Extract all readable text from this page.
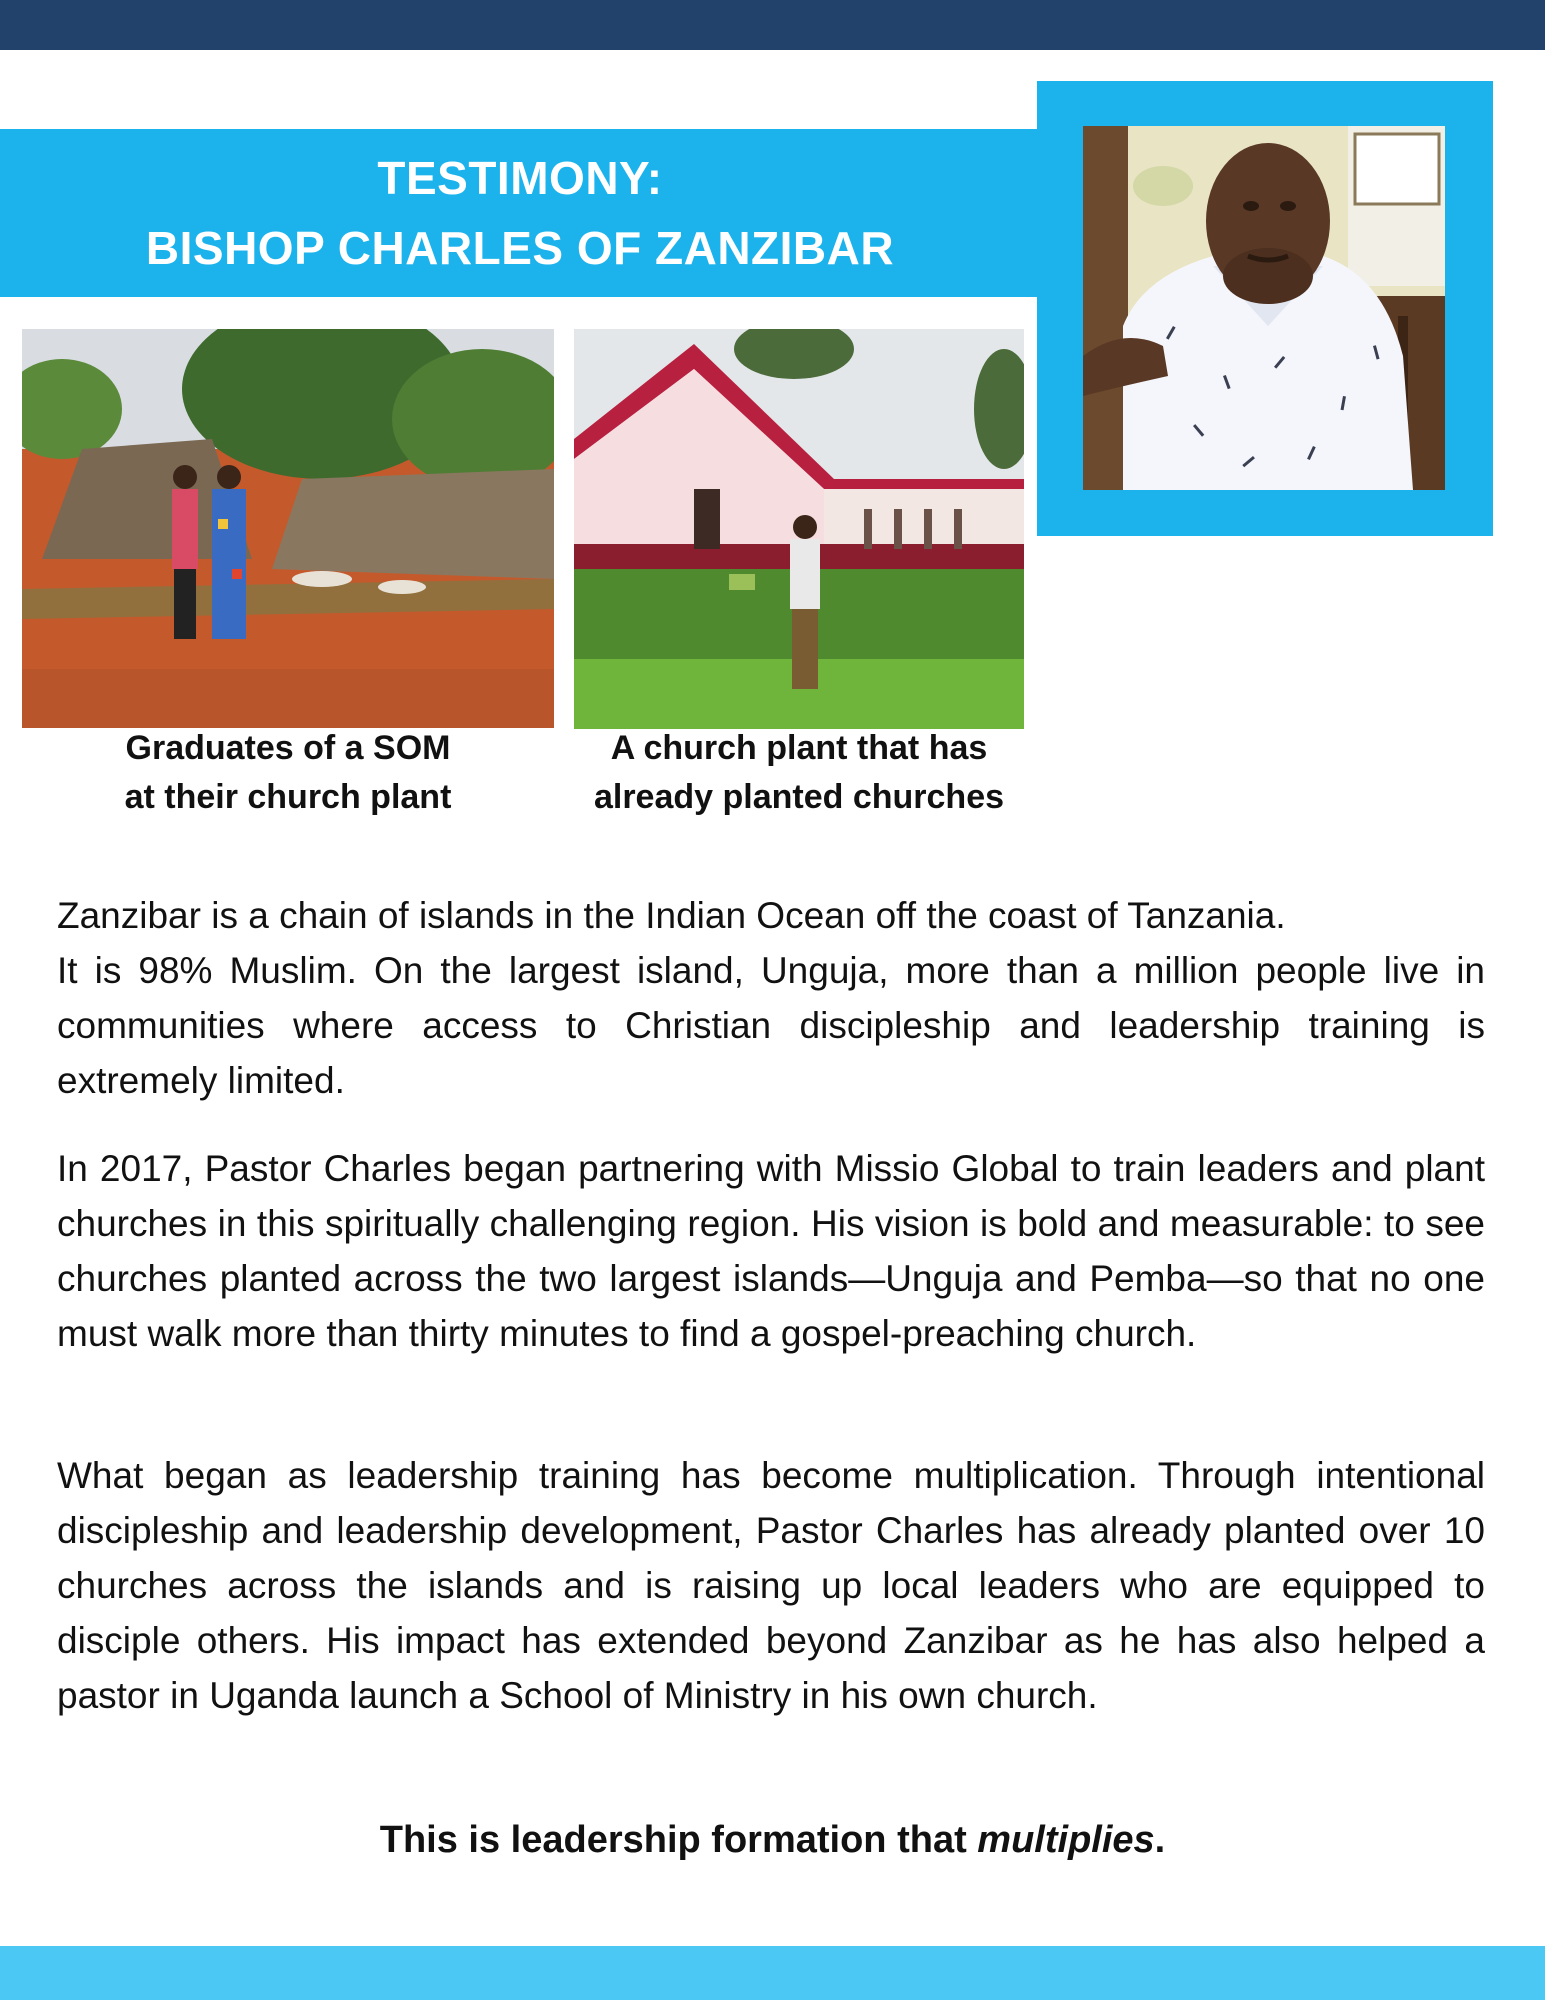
TESTIMONY:
BISHOP CHARLES OF ZANZIBAR
Graduates of a SOM
at their church plant
A church plant that has
already planted churches

Zanzibar is a chain of islands in the Indian Ocean off the coast of Tanzania.
It is 98% Muslim. On the largest island, Unguja, more than a million people live in communities where access to Christian discipleship and leadership training is extremely limited.

In 2017, Pastor Charles began partnering with Missio Global to train leaders and plant churches in this spiritually challenging region. His vision is bold and measurable: to see churches planted across the two largest islands—Unguja and Pemba—so that no one must walk more than thirty minutes to find a gospel-preaching church.

What began as leadership training has become multiplication. Through intentional discipleship and leadership development, Pastor Charles has already planted over 10 churches across the islands and is raising up local leaders who are equipped to disciple others. His impact has extended beyond Zanzibar as he has also helped a pastor in Uganda launch a School of Ministry in his own church.

This is leadership formation that multiplies.
